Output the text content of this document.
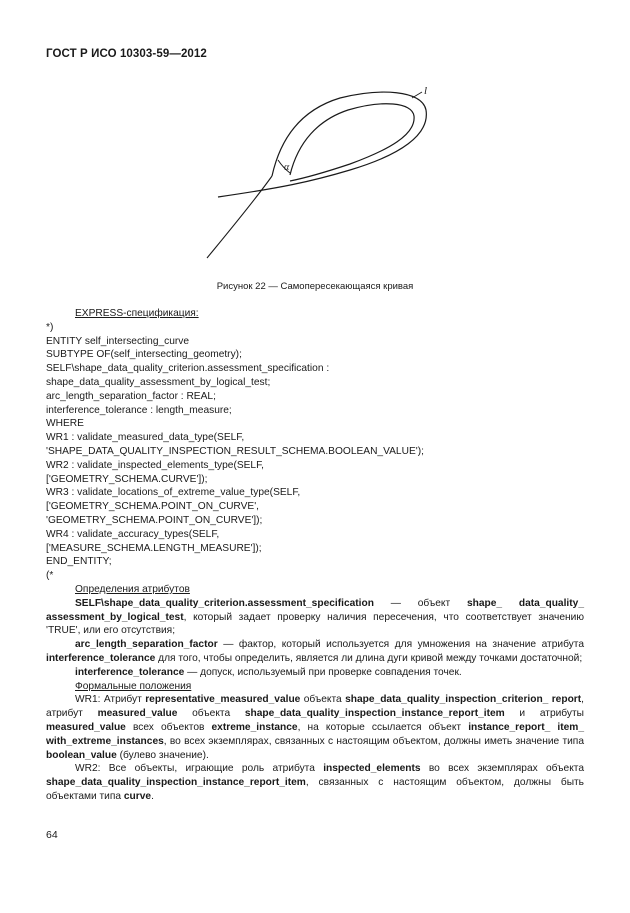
ГОСТ Р ИСО 10303-59—2012
l
α
Рисунок 22 — Самопересекающаяся кривая
EXPRESS-спецификация:
*)
ENTITY self_intersecting_curve
SUBTYPE OF(self_intersecting_geometry);
SELF\shape_data_quality_criterion.assessment_specification :
shape_data_quality_assessment_by_logical_test;
arc_length_separation_factor : REAL;
interference_tolerance : length_measure;
WHERE
WR1 : validate_measured_data_type(SELF,
'SHAPE_DATA_QUALITY_INSPECTION_RESULT_SCHEMA.BOOLEAN_VALUE');
WR2 : validate_inspected_elements_type(SELF,
['GEOMETRY_SCHEMA.CURVE']);
WR3 : validate_locations_of_extreme_value_type(SELF,
['GEOMETRY_SCHEMA.POINT_ON_CURVE',
'GEOMETRY_SCHEMA.POINT_ON_CURVE']);
WR4 : validate_accuracy_types(SELF,
['MEASURE_SCHEMA.LENGTH_MEASURE']);
END_ENTITY;
(*
Определения атрибутов
SELF\shape_data_quality_criterion.assessment_specification — объект shape_ data_quality_ assessment_by_logical_test, который задает проверку наличия пересечения, что соответствует значению 'TRUE', или его отсутствия;
arc_length_separation_factor — фактор, который используется для умножения на значение атрибута interference_tolerance для того, чтобы определить, является ли длина дуги кривой между точками достаточной;
interference_tolerance — допуск, используемый при проверке совпадения точек.
Формальные положения
WR1: Атрибут representative_measured_value объекта shape_data_quality_inspection_criterion_ report, атрибут measured_value объекта shape_data_quality_inspection_instance_report_item и атрибуты measured_value всех объектов extreme_instance, на которые ссылается объект instance_report_ item_ with_extreme_instances, во всех экземплярах, связанных с настоящим объектом, должны иметь значение типа boolean_value (булево значение).
WR2: Все объекты, играющие роль атрибута inspected_elements во всех экземплярах объекта shape_data_quality_inspection_instance_report_item, связанных с настоящим объектом, должны быть объектами типа curve.
64
